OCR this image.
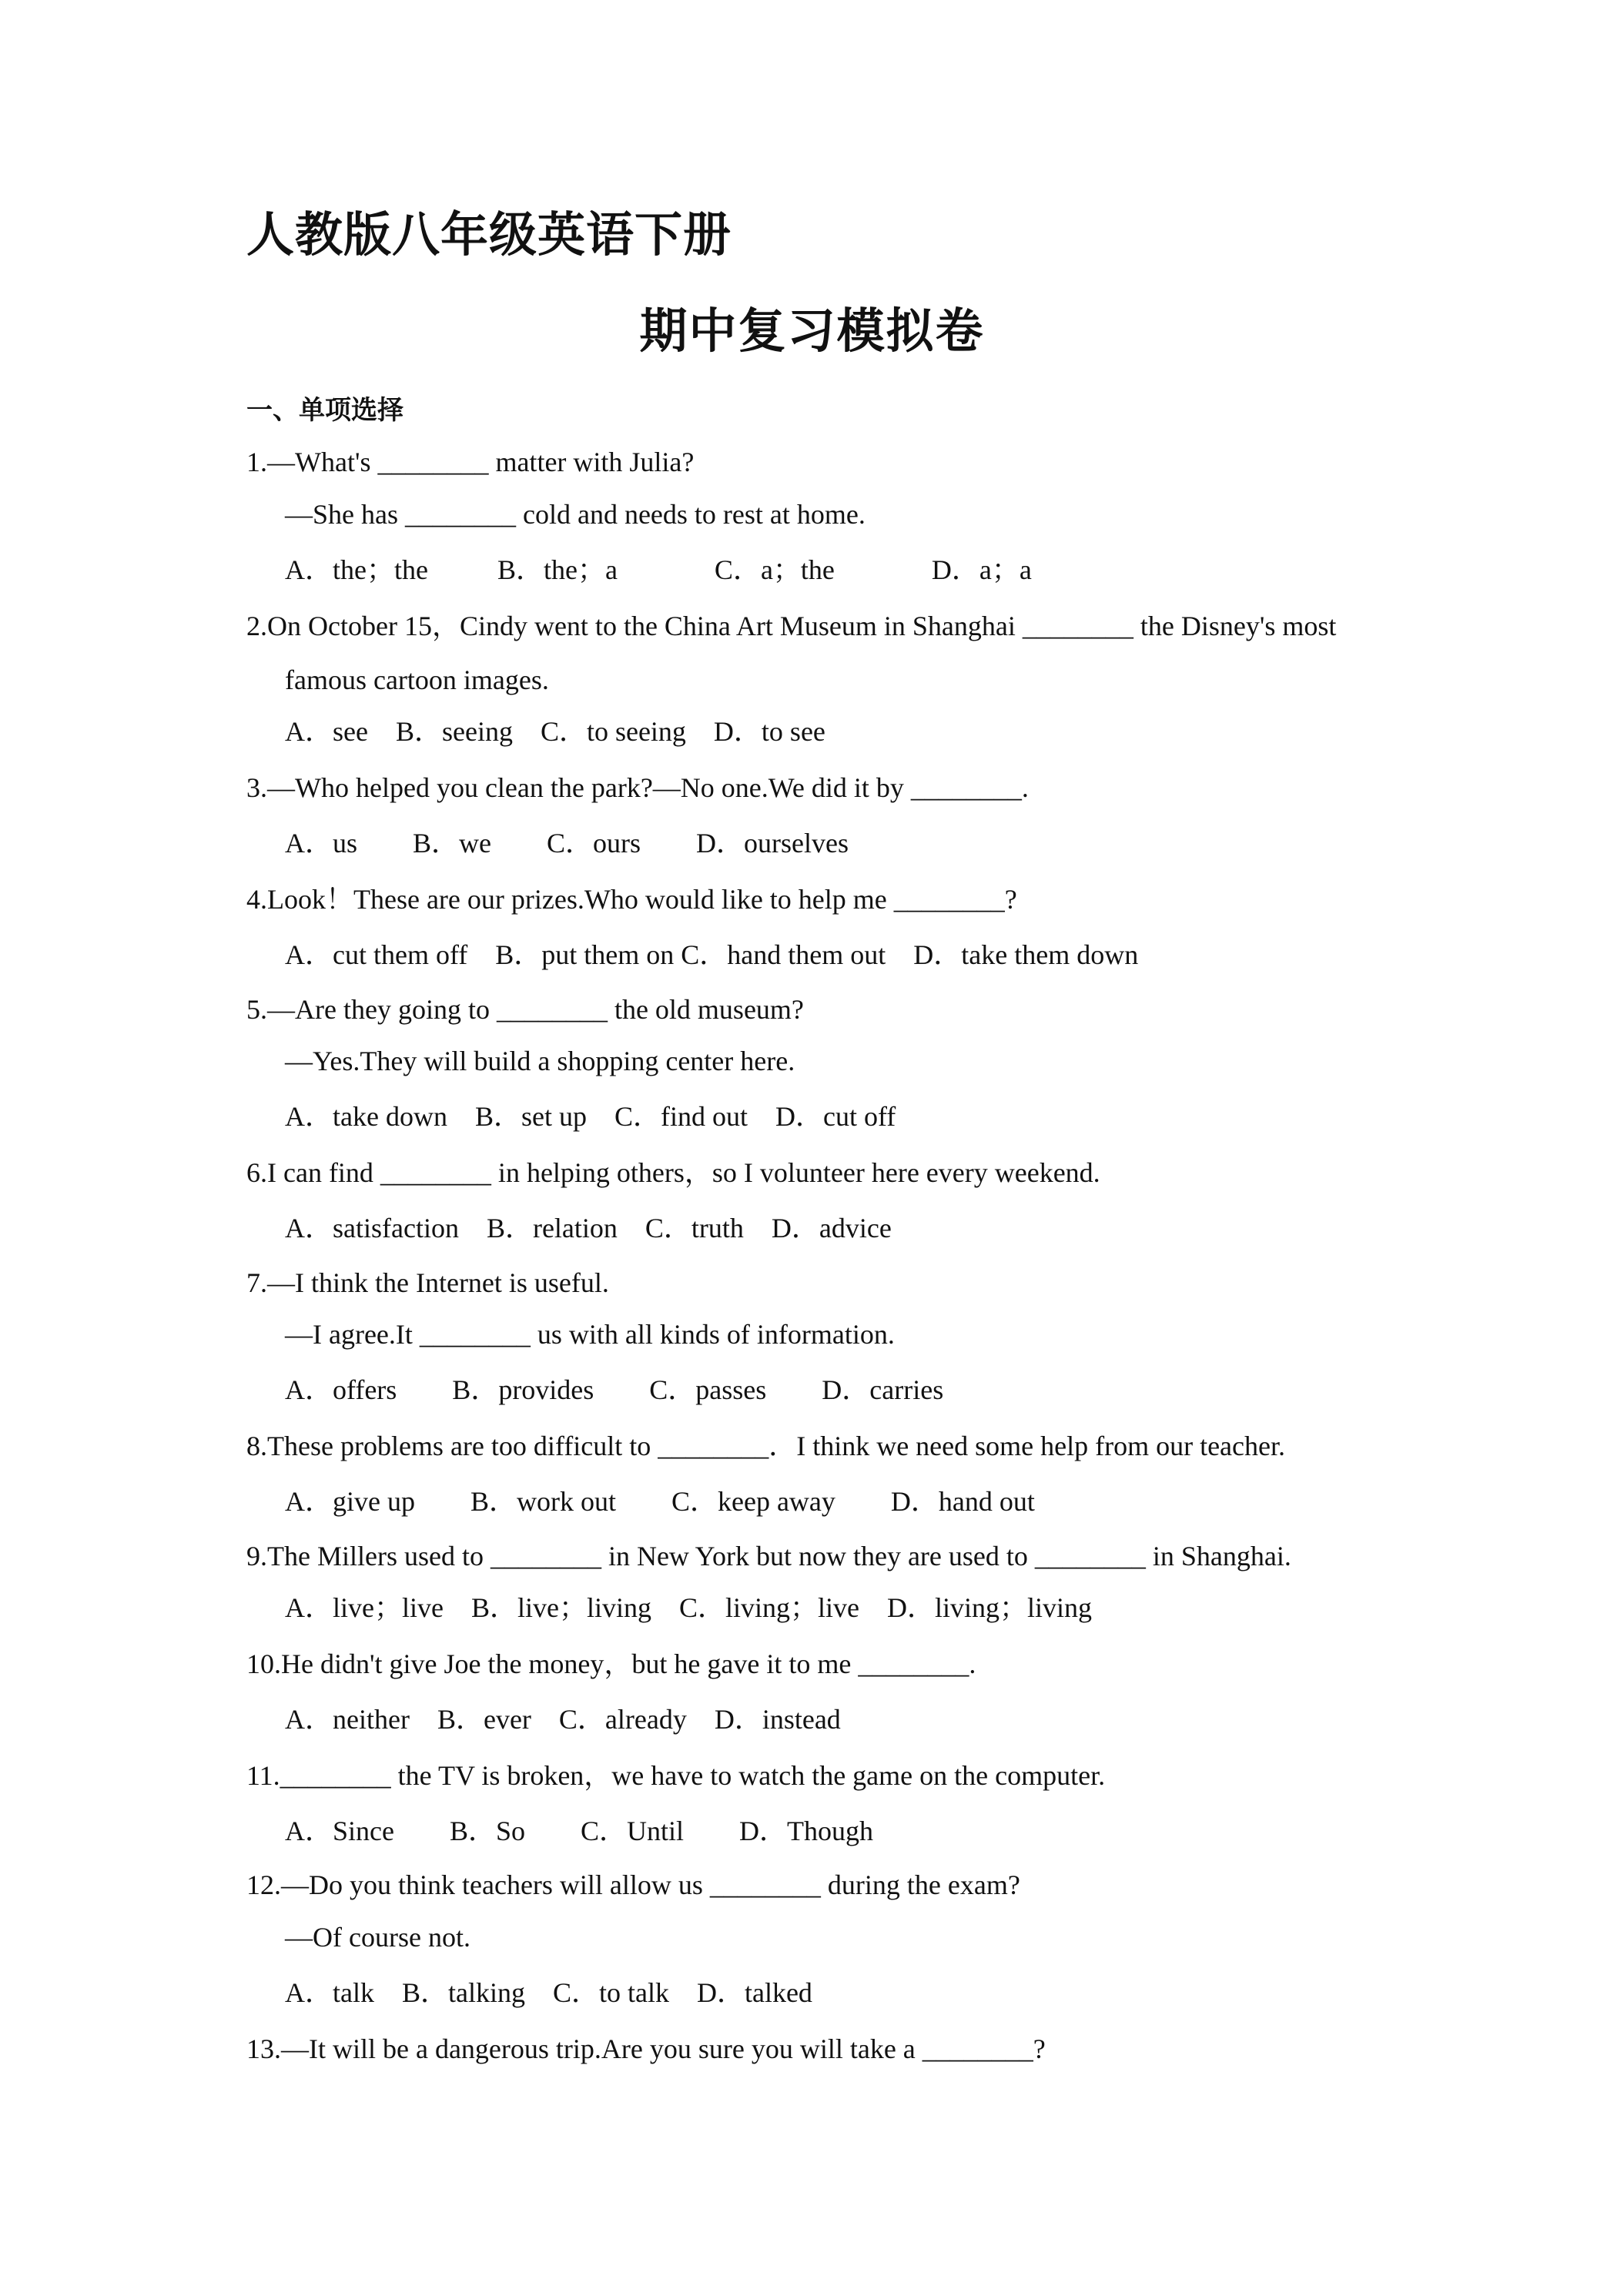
人教版八年级英语下册
期中复习模拟卷
一、单项选择
1.—What's ________ matter with Julia?
—She has ________ cold and needs to rest at home.
A．the；the          B．the；a              C．a；the              D．a；a
2.On October 15，Cindy went to the China Art Museum in Shanghai ________ the Disney's most
famous cartoon images.
A．see    B．seeing    C．to seeing    D．to see
3.—Who helped you clean the park?—No one.We did it by ________.
A．us        B．we        C．ours        D．ourselves
4.Look！These are our prizes.Who would like to help me ________?
A．cut them off    B．put them on C．hand them out    D．take them down
5.—Are they going to ________ the old museum?
—Yes.They will build a shopping center here.
A．take down    B．set up    C．find out    D．cut off
6.I can find ________ in helping others，so I volunteer here every weekend.
A．satisfaction    B．relation    C．truth    D．advice
7.—I think the Internet is useful.
—I agree.It ________ us with all kinds of information.
A．offers        B．provides        C．passes        D．carries
8.These problems are too difficult to ________．I think we need some help from our teacher.
A．give up        B．work out        C．keep away        D．hand out
9.The Millers used to ________ in New York but now they are used to ________ in Shanghai.
A．live；live    B．live；living    C．living；live    D．living；living
10.He didn't give Joe the money，but he gave it to me ________.
A．neither    B．ever    C．already    D．instead
11.________ the TV is broken，we have to watch the game on the computer.
A．Since        B．So        C．Until        D．Though
12.—Do you think teachers will allow us ________ during the exam?
—Of course not.
A．talk    B．talking    C．to talk    D．talked
13.—It will be a dangerous trip.Are you sure you will take a ________?
